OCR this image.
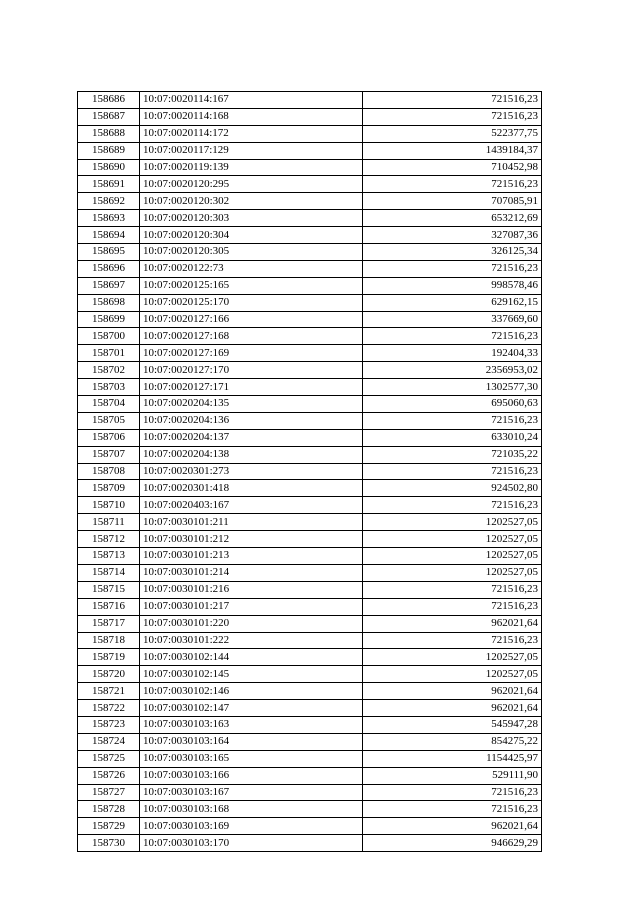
158686	10:07:0020114:167	721516,23
158687	10:07:0020114:168	721516,23
158688	10:07:0020114:172	522377,75
158689	10:07:0020117:129	1439184,37
158690	10:07:0020119:139	710452,98
158691	10:07:0020120:295	721516,23
158692	10:07:0020120:302	707085,91
158693	10:07:0020120:303	653212,69
158694	10:07:0020120:304	327087,36
158695	10:07:0020120:305	326125,34
158696	10:07:0020122:73	721516,23
158697	10:07:0020125:165	998578,46
158698	10:07:0020125:170	629162,15
158699	10:07:0020127:166	337669,60
158700	10:07:0020127:168	721516,23
158701	10:07:0020127:169	192404,33
158702	10:07:0020127:170	2356953,02
158703	10:07:0020127:171	1302577,30
158704	10:07:0020204:135	695060,63
158705	10:07:0020204:136	721516,23
158706	10:07:0020204:137	633010,24
158707	10:07:0020204:138	721035,22
158708	10:07:0020301:273	721516,23
158709	10:07:0020301:418	924502,80
158710	10:07:0020403:167	721516,23
158711	10:07:0030101:211	1202527,05
158712	10:07:0030101:212	1202527,05
158713	10:07:0030101:213	1202527,05
158714	10:07:0030101:214	1202527,05
158715	10:07:0030101:216	721516,23
158716	10:07:0030101:217	721516,23
158717	10:07:0030101:220	962021,64
158718	10:07:0030101:222	721516,23
158719	10:07:0030102:144	1202527,05
158720	10:07:0030102:145	1202527,05
158721	10:07:0030102:146	962021,64
158722	10:07:0030102:147	962021,64
158723	10:07:0030103:163	545947,28
158724	10:07:0030103:164	854275,22
158725	10:07:0030103:165	1154425,97
158726	10:07:0030103:166	529111,90
158727	10:07:0030103:167	721516,23
158728	10:07:0030103:168	721516,23
158729	10:07:0030103:169	962021,64
158730	10:07:0030103:170	946629,29
